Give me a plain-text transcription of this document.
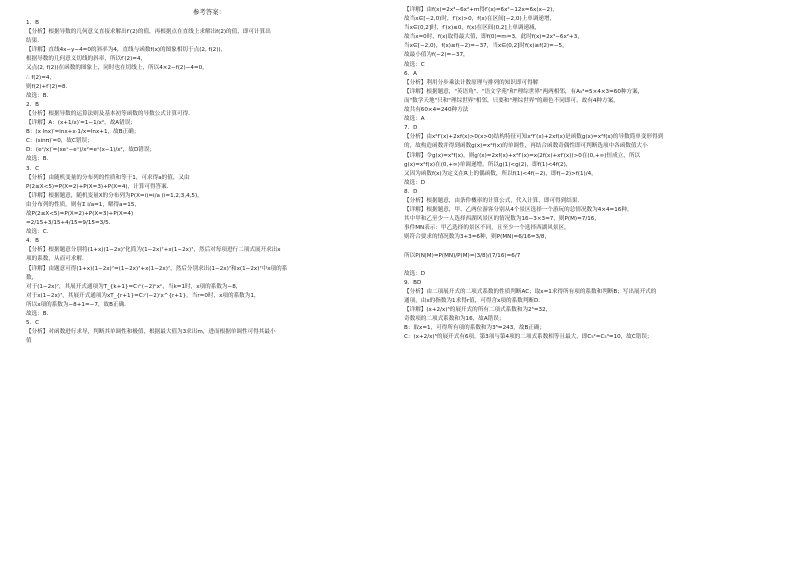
参考答案：
1．B
【分析】根据导数的几何意义直接求解出f′(2)的值，再根据点在直线上求解出f(2)的值，即可计算出
结果．
【详解】直线4x−y−4=0的斜率为4，直线与函数f(x)的图象相切于点(2, f(2))，
根据导数的几何意义切线的斜率，所以f′(2)=4，
又点(2, f(2))在函数的图象上，同时也在切线上，所以4×2−f(2)−4=0，
∴ f(2)=4，
则f(2)+f′(2)=8．
故选：B．
2．B
【分析】根据导数的运算法则及基本初等函数的导数公式计算可得．
【详解】A：(x+1/x)′=1−1/x²，故A错误；
B：(x lnx)′=lnx+x·1/x=lnx+1，故B正确；
C：(sinπ)′=0，故C错误；
D：(eˣ/x)′=(xeˣ−eˣ)/x²=eˣ(x−1)/x²，故D错误；
故选：B．
3．C
【分析】由随机变量的分布列的性质和等于1，可求得a的值，又由
P(2≤X<5)=P(X=2)+P(X=3)+P(X=4)，计算可得答案．
【详解】根据题意，随机变量X的分布列为P(X=i)=i/a (i=1,2,3,4,5)，
由分布列的性质，则有Σ i/a=1，解得a=15，
故P(2≤X<5)=P(X=2)+P(X=3)+P(X=4)
=2/15+3/15+4/15=9/15=3/5．
故选：C．
4．B
【分析】根据题意分别将(1+x)(1−2x)⁷化简为(1−2x)⁷+x(1−2x)⁷，然后对每项进行二项式展开求出x
项的系数，从而可求解．
【详解】由题意可得(1+x)(1−2x)⁷=(1−2x)⁷+x(1−2x)⁷，然后分别求出(1−2x)⁷和x(1−2x)⁷中x项的系
数，
对于(1−2x)⁷，其展开式通项为T_{k+1}=C₇ᵏ(−2)ᵏxᵏ，当k=1时，x项的系数为−8，
对于x(1−2x)⁷，其展开式通项为xT_{r+1}=C₇ʳ(−2)ʳx^{r+1}，当r=0时，x项的系数为1，
所以x项的系数为−8+1=−7，故B正确．
故选：B．
5．C
【分析】对函数进行求导，判断其单调性和极值，根据最大值为3求出m，进而根据单调性可得其最小
值
【详解】由f(x)=2x³−6x²+m得f′(x)=6x²−12x=6x(x−2)，
故当x∈[−2,0)时，f′(x)>0，f(x)在区间[−2,0)上单调递增，
当x∈(0,2]时，f′(x)≤0，f(x)在区间(0,2]上单调递减，
故当x=0时，f(x)取得最大值，即f(0)=m=3，此时f(x)=2x³−6x²+3，
当x∈[−2,0)，f(x)≥f(−2)=−37，当x∈(0,2]时f(x)≥f(2)=−5，
故最小值为f(−2)=−37，
故选：C
6．A
【分析】利用分步乘法计数原理与排列的知识即可得解
【详解】根据题意，"英语角"、"语文学苑"和"理综世界"两两相邻，有A₅³=5×4×3=60种方案，
而"数学天地"只和"理综世界"相邻，只要和"理综世界"的颜色不同即可，故有4种方案，
故共有60×4=240种方法
故选：A
7．D
【分析】由x²f′(x)+2xf(x)>0(x>0)结构特征可知x²f′(x)+2xf(x)是函数g(x)=x²f(x)的导数简单变形得到
的，故构造函数并得到函数g(x)=x²f(x)的单调性，再结合函数奇偶性即可判断选项中各函数值大小
【详解】令g(x)=x²f(x)，则g′(x)=2xf(x)+x²f′(x)=x(2f(x)+xf′(x))>0在(0,+∞)恒成立，所以
g(x)=x²f(x)在(0,+∞)单调递增，所以g(1)<g(2)，即f(1)<4f(2)，
又因为函数f(x)为定义在R上的偶函数，所以f(1)<4f(−2)，即f(−2)>f(1)/4，
故选：D
8．D
【分析】根据题意，由条件概率的计算公式，代入计算，即可得到结果．
【详解】根据题意，甲、乙两位游客分别从4个景区选择一个游玩的总情况数为4×4=16种，
其中甲和乙至少一人选择西湖风景区的情况数为16−3×3=7，则P(M)=7/16，
事件MN表示：甲乙选择的景区不同，且至少一个选择西湖风景区，
则符合要求的情况数为3+3=6种，则P(MN)=6/16=3/8，

所以P(N|M)=P(MN)/P(M)=(3/8)/(7/16)=6/7

故选：D
9．BD
【分析】由二项展开式的二项式系数的性质判断AC；取x=1求得所有项的系数和判断B；写出展开式的
通项，由x的指数为1求得r值，可得含x项的系数判断D．
【详解】(x+2/x)⁵的展开式的所有二项式系数和为2⁵=32，
奇数项的二项式系数和为16，故A错误；
B：取x=1，可得所有项的系数和为3⁵=243，故B正确；
C：(x+2/x)⁵的展开式有6项，第3项与第4项的二项式系数相等且最大，即C₅²=C₅³=10，故C错误；
